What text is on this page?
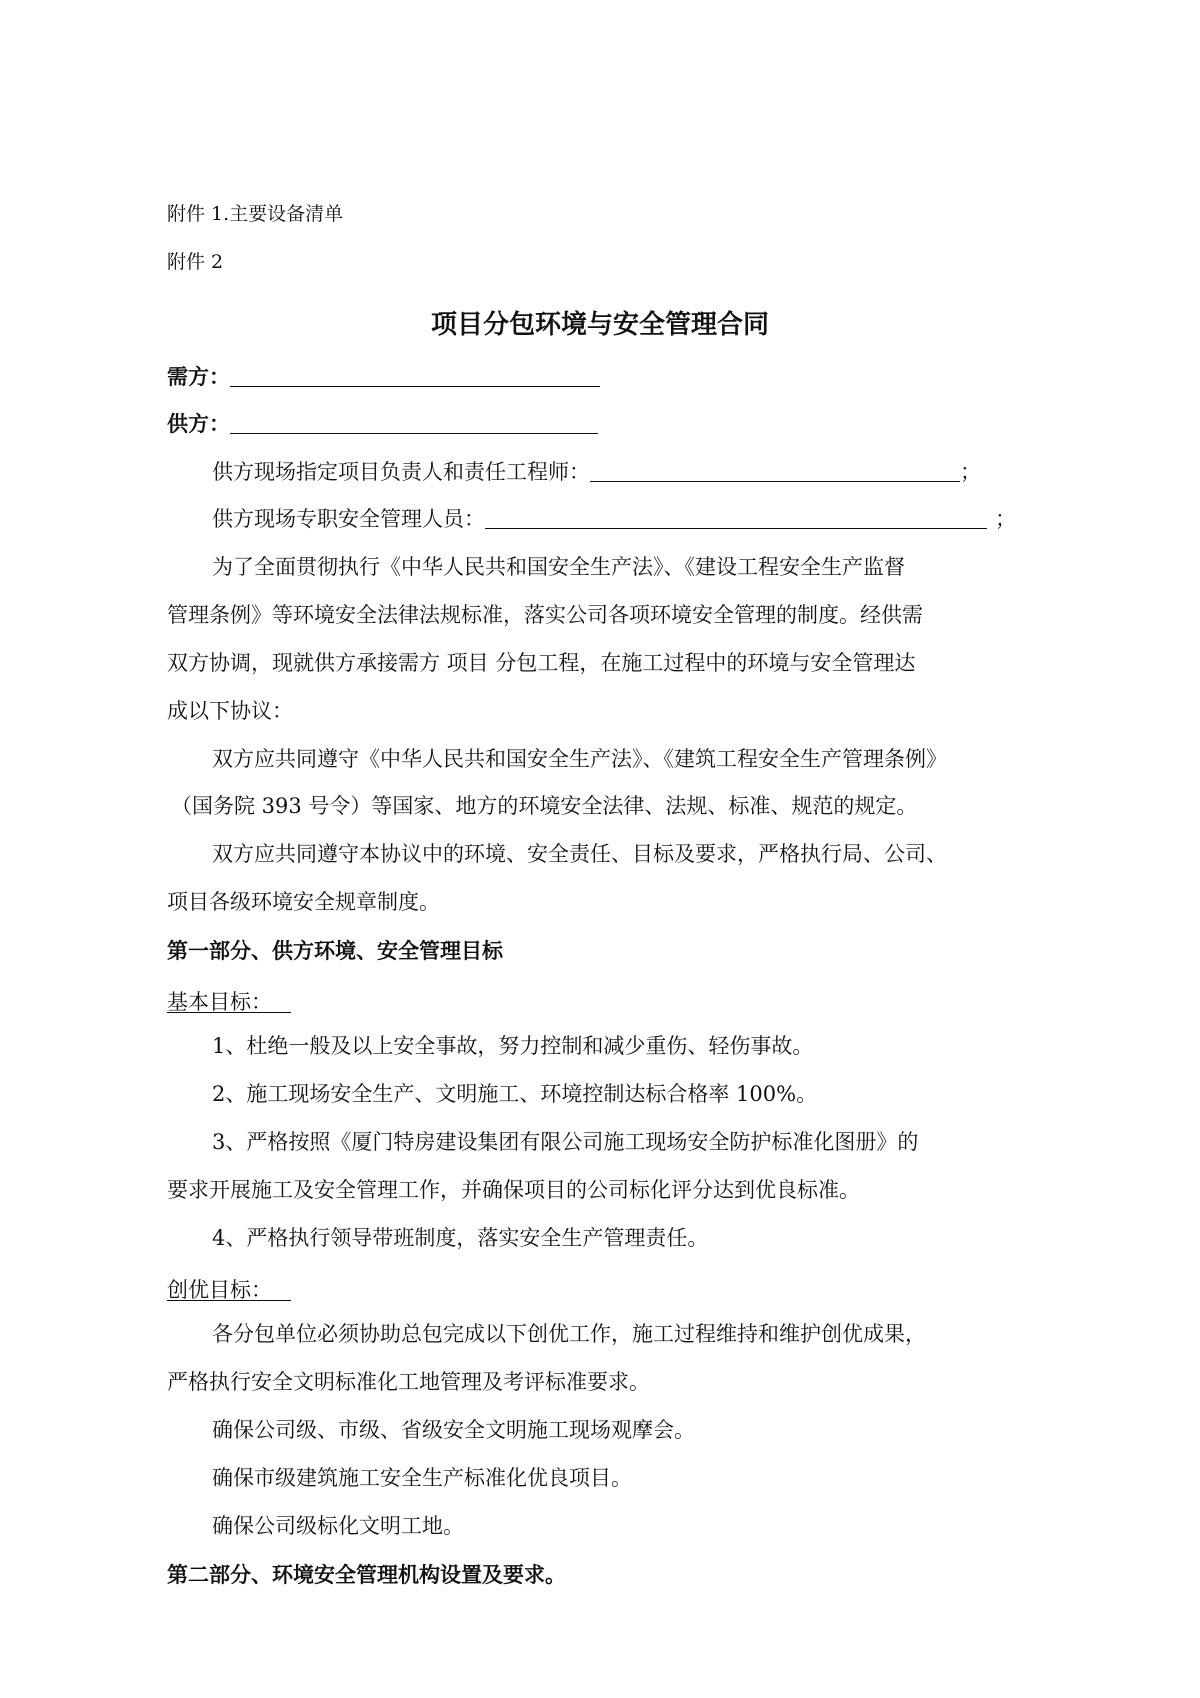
附件 1.主要设备清单
附件 2
项目分包环境与安全管理合同
需方：
供方：
供方现场指定项目负责人和责任工程师：	；
供方现场专职安全管理人员：	；
为了全面贯彻执行《中华人民共和国安全生产法》、《建设工程安全生产监督
管理条例》等环境安全法律法规标准，落实公司各项环境安全管理的制度。经供需
双方协调，现就供方承接需方 项目 分包工程，在施工过程中的环境与安全管理达
成以下协议：
双方应共同遵守《中华人民共和国安全生产法》、《建筑工程安全生产管理条例》
（国务院 393 号令）等国家、地方的环境安全法律、法规、标准、规范的规定。
双方应共同遵守本协议中的环境、安全责任、目标及要求，严格执行局、公司、
项目各级环境安全规章制度。
第一部分、供方环境、安全管理目标
基本目标：
1、杜绝一般及以上安全事故，努力控制和减少重伤、轻伤事故。
2、施工现场安全生产、文明施工、环境控制达标合格率 100%。
3、严格按照《厦门特房建设集团有限公司施工现场安全防护标准化图册》的
要求开展施工及安全管理工作，并确保项目的公司标化评分达到优良标准。
4、严格执行领导带班制度，落实安全生产管理责任。
创优目标：
各分包单位必须协助总包完成以下创优工作，施工过程维持和维护创优成果，
严格执行安全文明标准化工地管理及考评标准要求。
确保公司级、市级、省级安全文明施工现场观摩会。
确保市级建筑施工安全生产标准化优良项目。
确保公司级标化文明工地。
第二部分、环境安全管理机构设置及要求。
